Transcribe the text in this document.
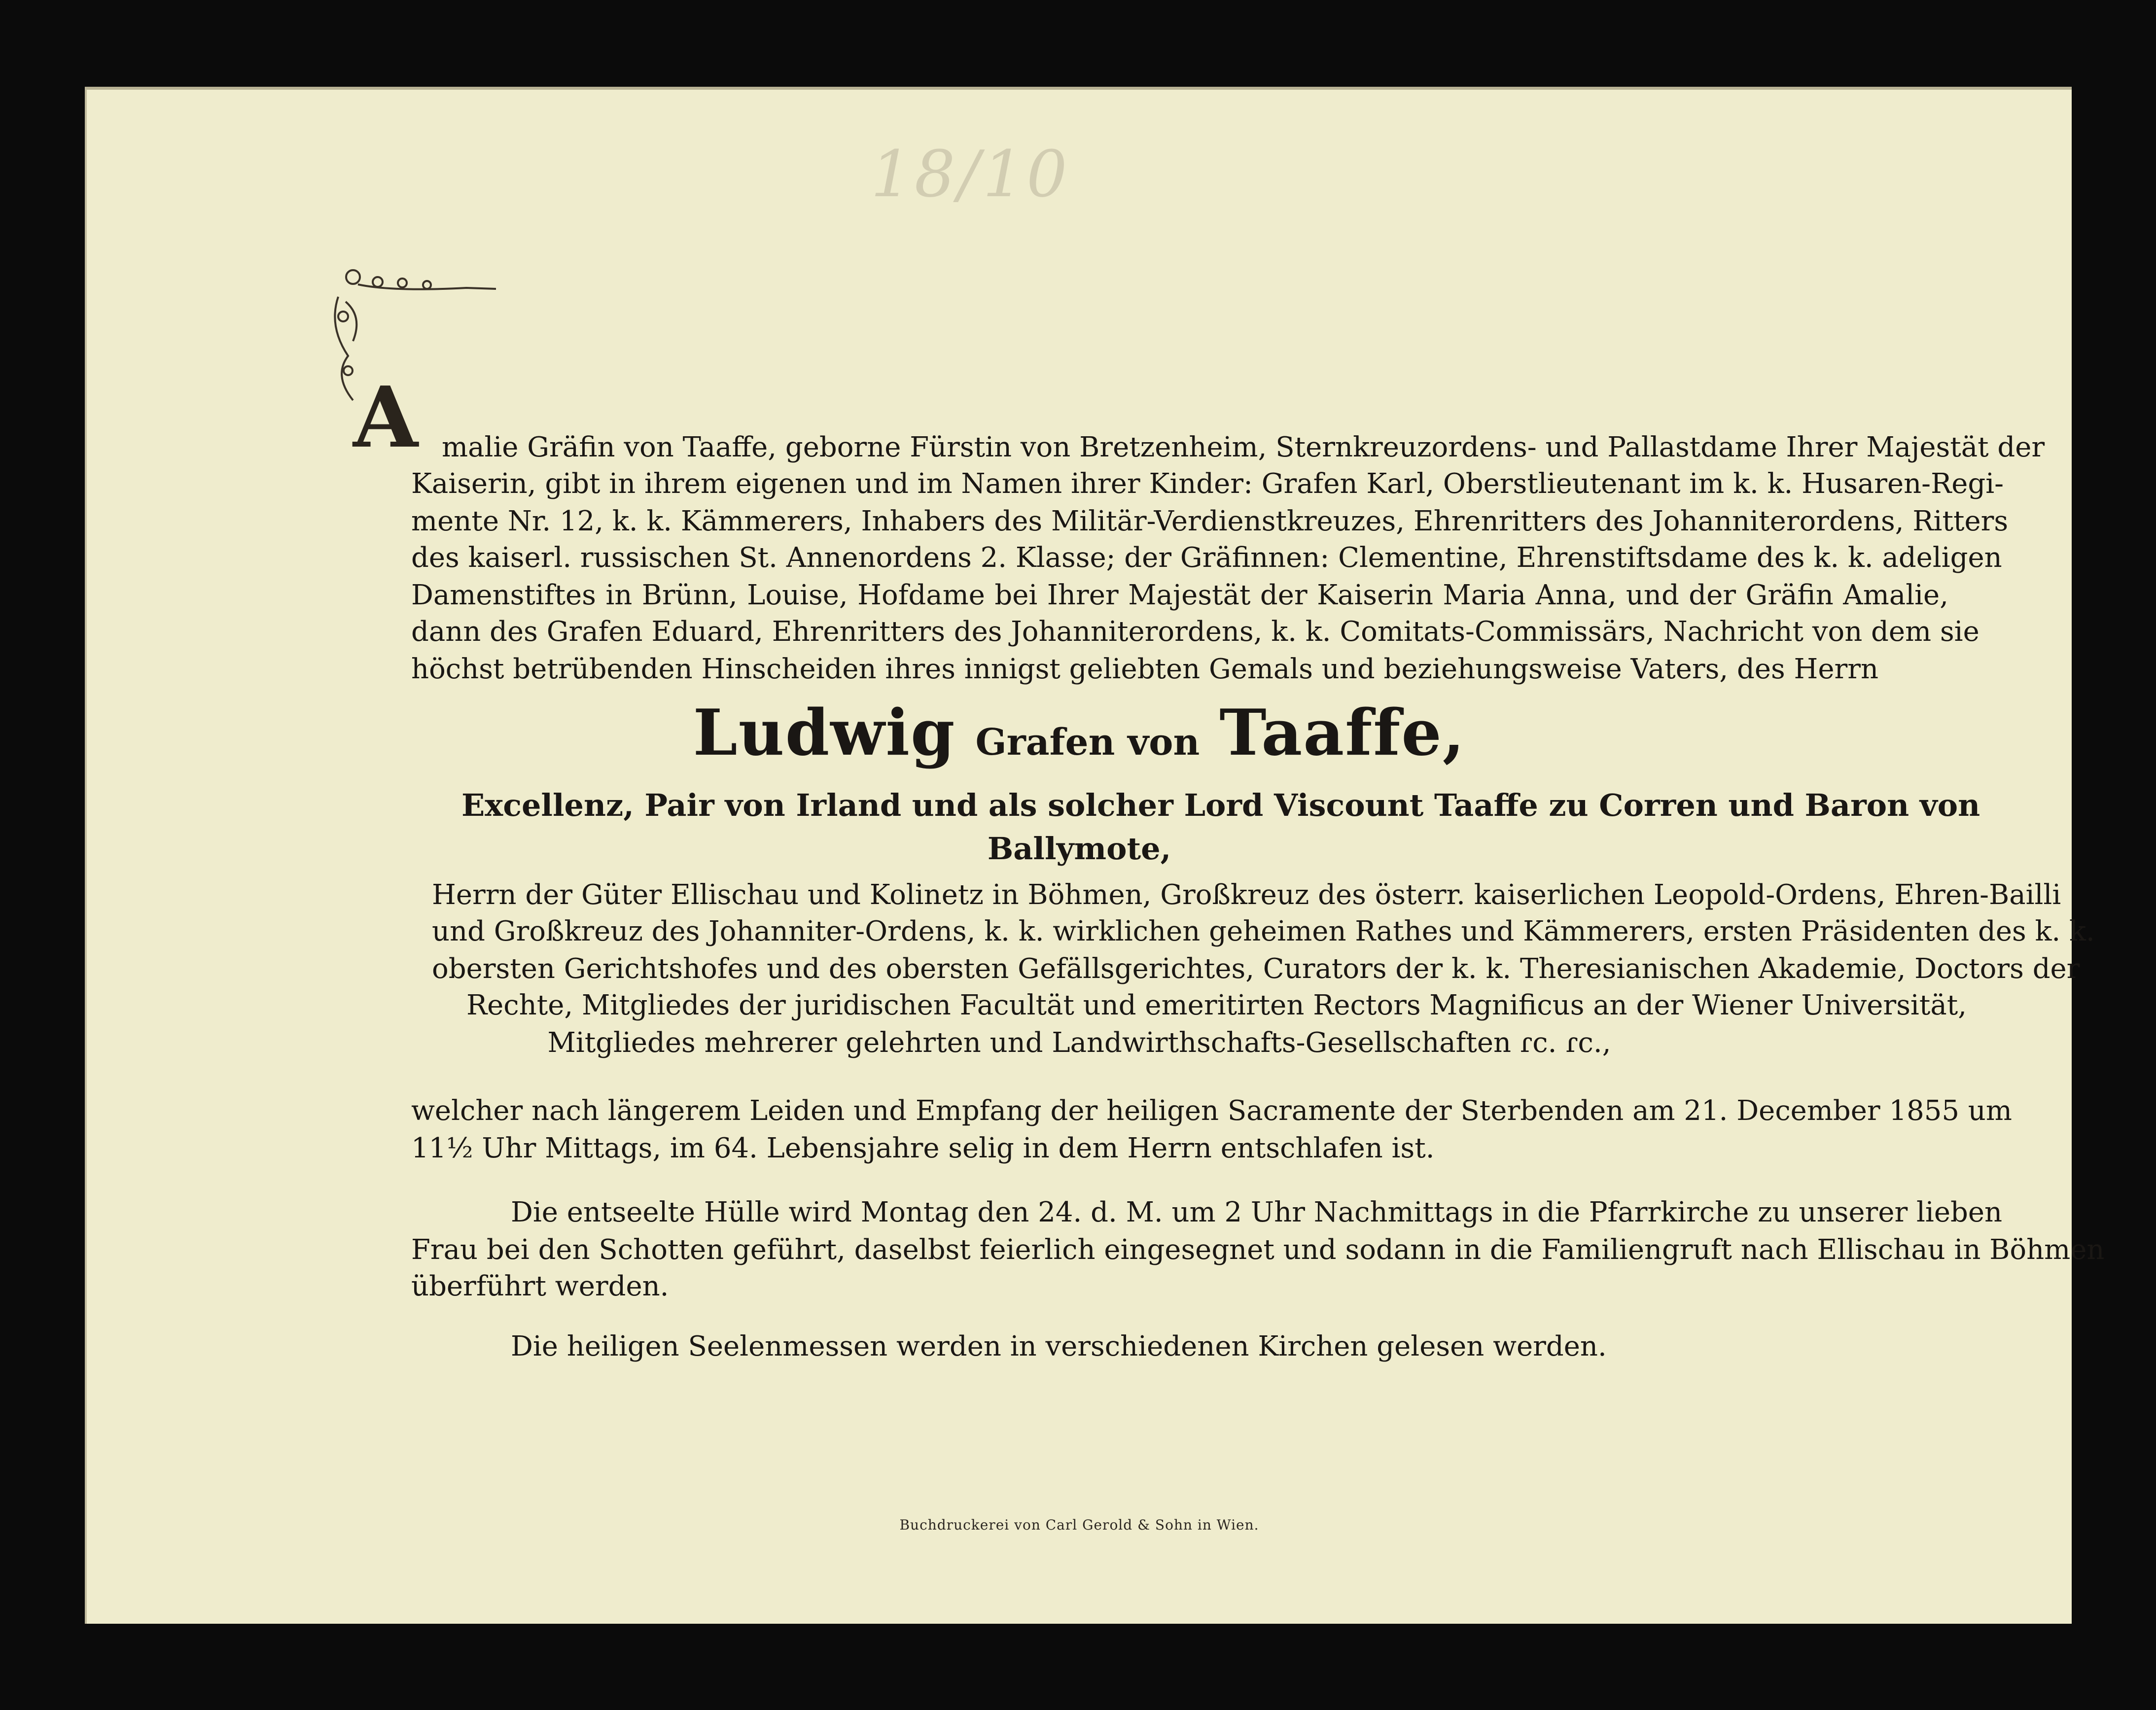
18/10
A malie Gräfin von Taaffe, geborne Fürstin von Bretzenheim, Sternkreuzordens- und Pallastdame Ihrer Majestät der
Kaiserin, gibt in ihrem eigenen und im Namen ihrer Kinder: Grafen Karl, Oberstlieutenant im k. k. Husaren-Regi-
mente Nr. 12, k. k. Kämmerers, Inhabers des Militär-Verdienstkreuzes, Ehrenritters des Johanniterordens, Ritters
des kaiserl. russischen St. Annenordens 2. Klasse; der Gräfinnen: Clementine, Ehrenstiftsdame des k. k. adeligen
Damenstiftes in Brünn, Louise, Hofdame bei Ihrer Majestät der Kaiserin Maria Anna, und der Gräfin Amalie,
dann des Grafen Eduard, Ehrenritters des Johanniterordens, k. k. Comitats-Commissärs, Nachricht von dem sie
höchst betrübenden Hinscheiden ihres innigst geliebten Gemals und beziehungsweise Vaters, des Herrn
Ludwig Grafen von Taaffe,
Excellenz, Pair von Irland und als solcher Lord Viscount Taaffe zu Corren und Baron von
Ballymote,
Herrn der Güter Ellischau und Kolinetz in Böhmen, Großkreuz des österr. kaiserlichen Leopold-Ordens, Ehren-Bailli
und Großkreuz des Johanniter-Ordens, k. k. wirklichen geheimen Rathes und Kämmerers, ersten Präsidenten des k. k.
obersten Gerichtshofes und des obersten Gefällsgerichtes, Curators der k. k. Theresianischen Akademie, Doctors der
Rechte, Mitgliedes der juridischen Facultät und emeritirten Rectors Magnificus an der Wiener Universität,
Mitgliedes mehrerer gelehrten und Landwirthschafts-Gesellschaften ɾc. ɾc.,
welcher nach längerem Leiden und Empfang der heiligen Sacramente der Sterbenden am 21. December 1855 um
11½ Uhr Mittags, im 64. Lebensjahre selig in dem Herrn entschlafen ist.
Die entseelte Hülle wird Montag den 24. d. M. um 2 Uhr Nachmittags in die Pfarrkirche zu unserer lieben
Frau bei den Schotten geführt, daselbst feierlich eingesegnet und sodann in die Familiengruft nach Ellischau in Böhmen
überführt werden.
Die heiligen Seelenmessen werden in verschiedenen Kirchen gelesen werden.
Buchdruckerei von Carl Gerold & Sohn in Wien.
